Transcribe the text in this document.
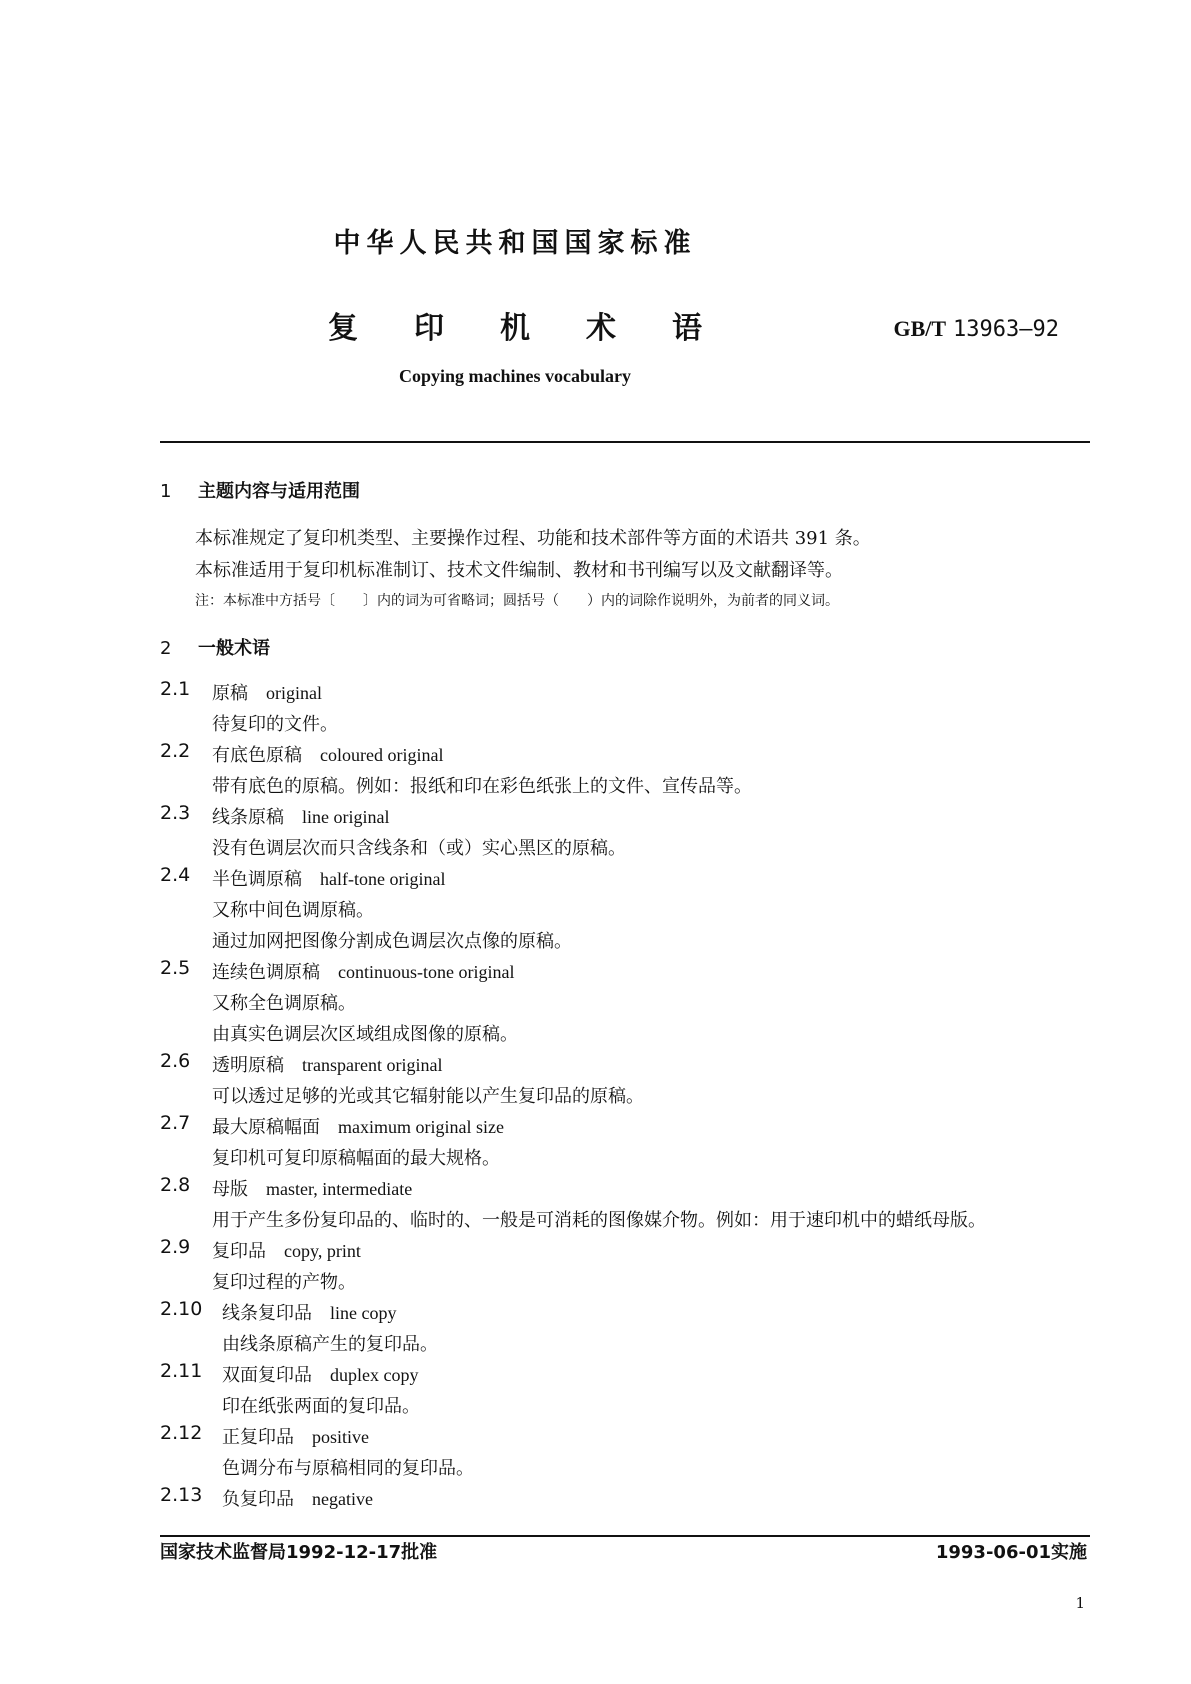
中华人民共和国国家标准
复 印 机 术 语	GB/T 13963—92
Copying machines vocabulary
1 主题内容与适用范围
本标准规定了复印机类型、主要操作过程、功能和技术部件等方面的术语共 391 条。
本标准适用于复印机标准制订、技术文件编制、教材和书刊编写以及文献翻译等。
注：本标准中方括号〔　　〕内的词为可省略词；圆括号（　　）内的词除作说明外，为前者的同义词。
2 一般术语
2.1 原稿 original
待复印的文件。
2.2 有底色原稿 coloured original
带有底色的原稿。例如：报纸和印在彩色纸张上的文件、宣传品等。
2.3 线条原稿 line original
没有色调层次而只含线条和（或）实心黑区的原稿。
2.4 半色调原稿 half-tone original
又称中间色调原稿。
通过加网把图像分割成色调层次点像的原稿。
2.5 连续色调原稿 continuous-tone original
又称全色调原稿。
由真实色调层次区域组成图像的原稿。
2.6 透明原稿 transparent original
可以透过足够的光或其它辐射能以产生复印品的原稿。
2.7 最大原稿幅面 maximum original size
复印机可复印原稿幅面的最大规格。
2.8 母版 master, intermediate
用于产生多份复印品的、临时的、一般是可消耗的图像媒介物。例如：用于速印机中的蜡纸母版。
2.9 复印品 copy, print
复印过程的产物。
2.10 线条复印品 line copy
由线条原稿产生的复印品。
2.11 双面复印品 duplex copy
印在纸张两面的复印品。
2.12 正复印品 positive
色调分布与原稿相同的复印品。
2.13 负复印品 negative
国家技术监督局1992-12-17批准	1993-06-01实施
1
